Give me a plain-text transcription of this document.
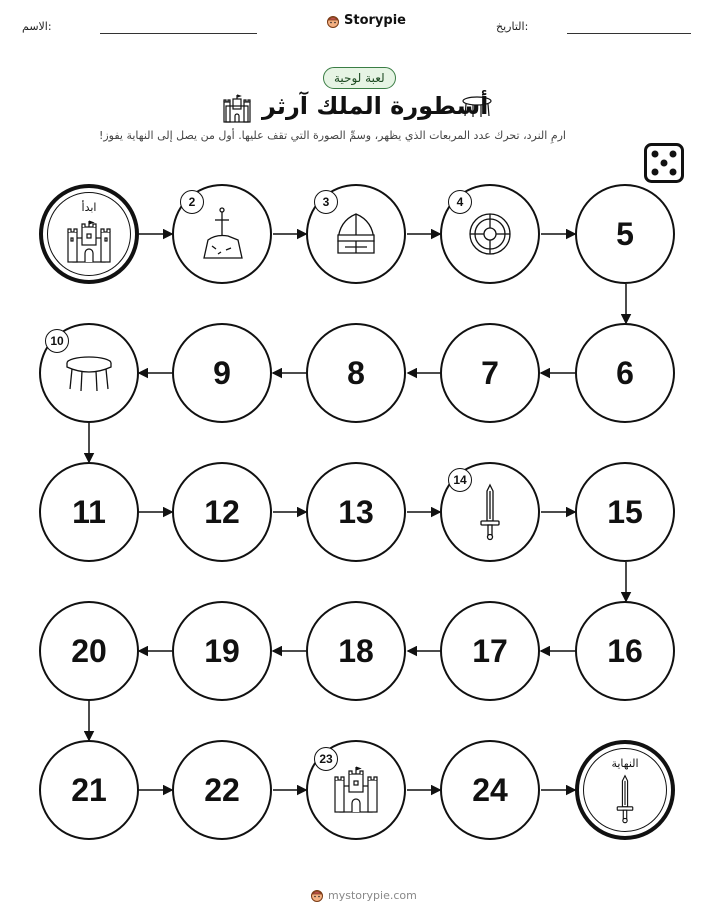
الاسم:	Storypie	التاريخ:
لعبة لوحية
أسطورة الملك آرثر
ارمِ النرد، تحرك عدد المربعات الذي يظهر، وسمِّ الصورة التي تقف عليها. أول من يصل إلى النهاية يفوز!
ابدأ
5
9	8	7	6
11	12	13	15
20	19	18	17	16
21	22	24
النهاية
2	3	4
10
14
23
mystorypie.com
